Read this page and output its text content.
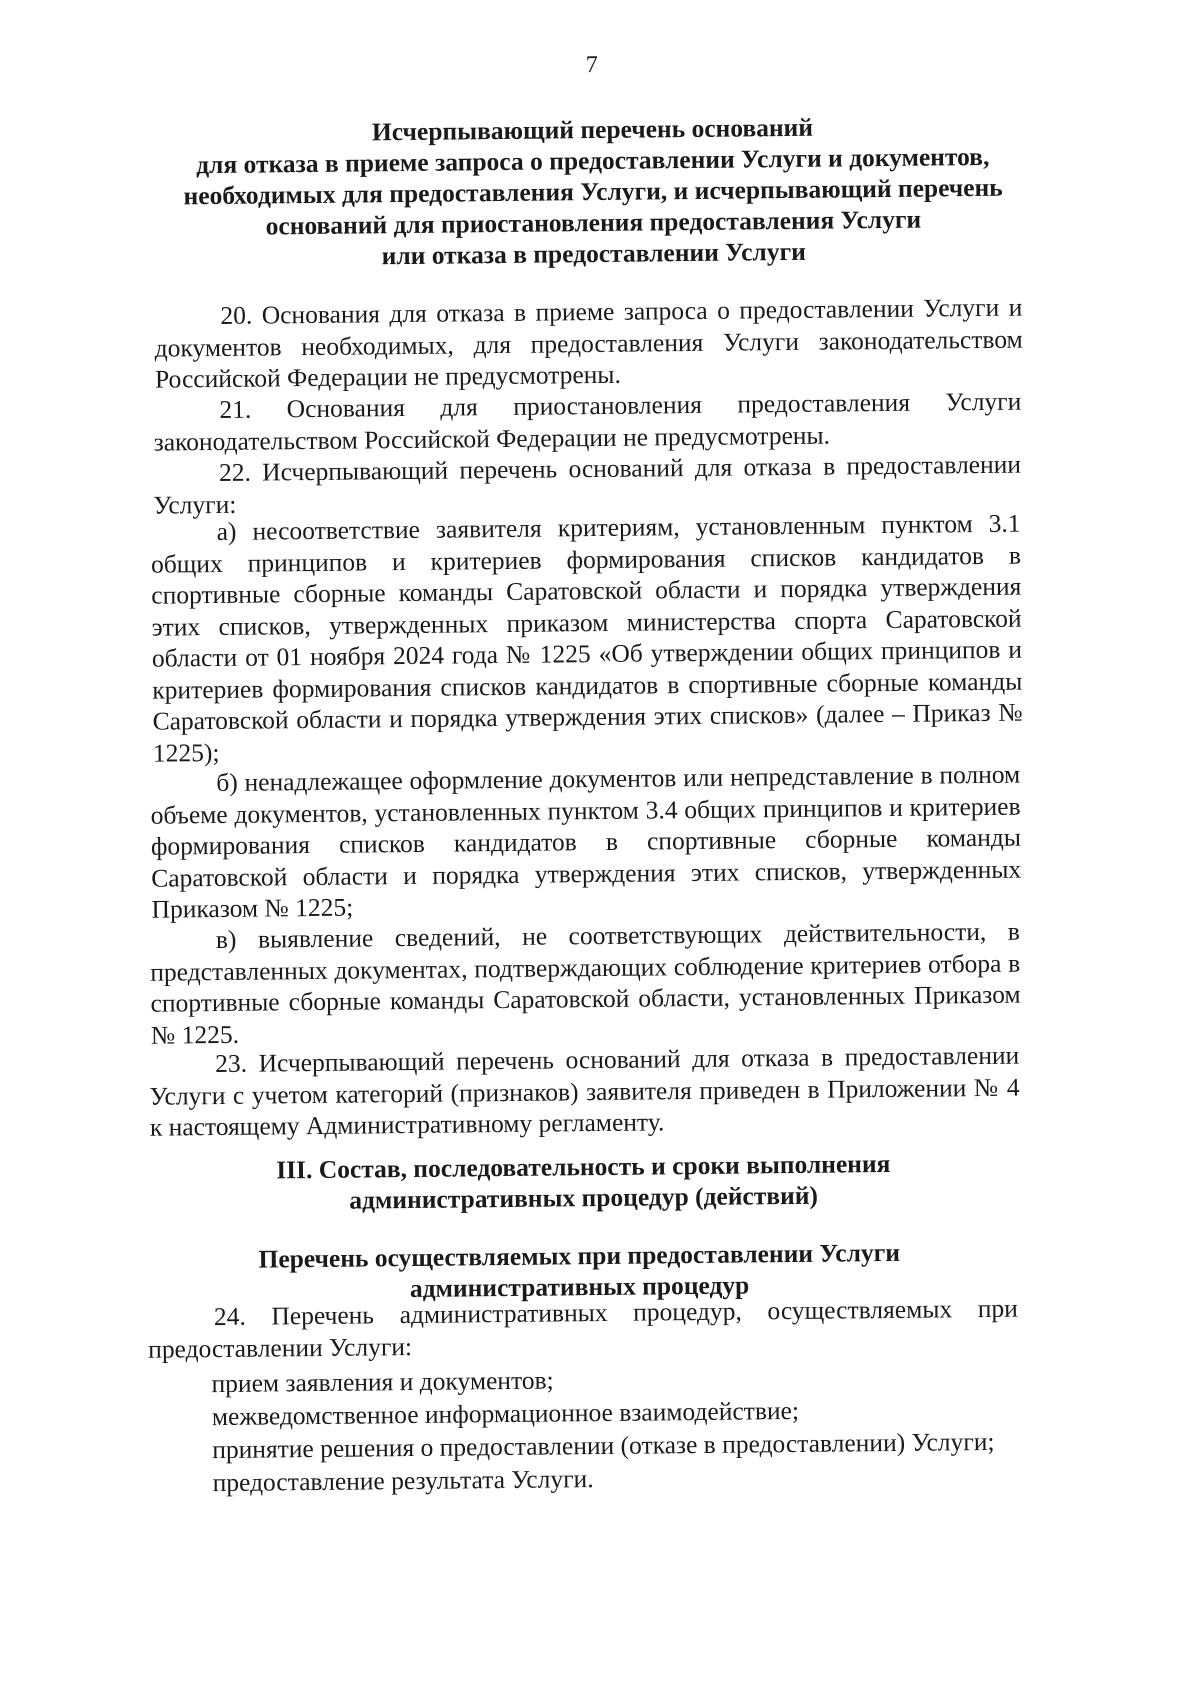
7
Исчерпывающий перечень оснований
для отказа в приеме запроса о предоставлении Услуги и документов,
необходимых для предоставления Услуги, и исчерпывающий перечень
оснований для приостановления предоставления Услуги
или отказа в предоставлении Услуги
20. Основания для отказа в приеме запроса о предоставлении Услуги и документов необходимых, для предоставления Услуги законодательством Российской Федерации не предусмотрены.
21. Основания для приостановления предоставления Услуги законодательством Российской Федерации не предусмотрены.
22. Исчерпывающий перечень оснований для отказа в предоставлении Услуги:
а) несоответствие заявителя критериям, установленным пунктом 3.1 общих принципов и критериев формирования списков кандидатов в спортивные сборные команды Саратовской области и порядка утверждения этих списков, утвержденных приказом министерства спорта Саратовской области от 01 ноября 2024 года № 1225 «Об утверждении общих принципов и критериев формирования списков кандидатов в спортивные сборные команды Саратовской области и порядка утверждения этих списков» (далее – Приказ № 1225);
б) ненадлежащее оформление документов или непредставление в полном объеме документов, установленных пунктом 3.4 общих принципов и критериев формирования списков кандидатов в спортивные сборные команды Саратовской области и порядка утверждения этих списков, утвержденных Приказом № 1225;
в) выявление сведений, не соответствующих действительности, в представленных документах, подтверждающих соблюдение критериев отбора в спортивные сборные команды Саратовской области, установленных Приказом № 1225.
23. Исчерпывающий перечень оснований для отказа в предоставлении Услуги с учетом категорий (признаков) заявителя приведен в Приложении № 4 к настоящему Административному регламенту.
III. Состав, последовательность и сроки выполнения
административных процедур (действий)
Перечень осуществляемых при предоставлении Услуги
административных процедур
24. Перечень административных процедур, осуществляемых при предоставлении Услуги:
прием заявления и документов;
межведомственное информационное взаимодействие;
принятие решения о предоставлении (отказе в предоставлении) Услуги;
предоставление результата Услуги.
